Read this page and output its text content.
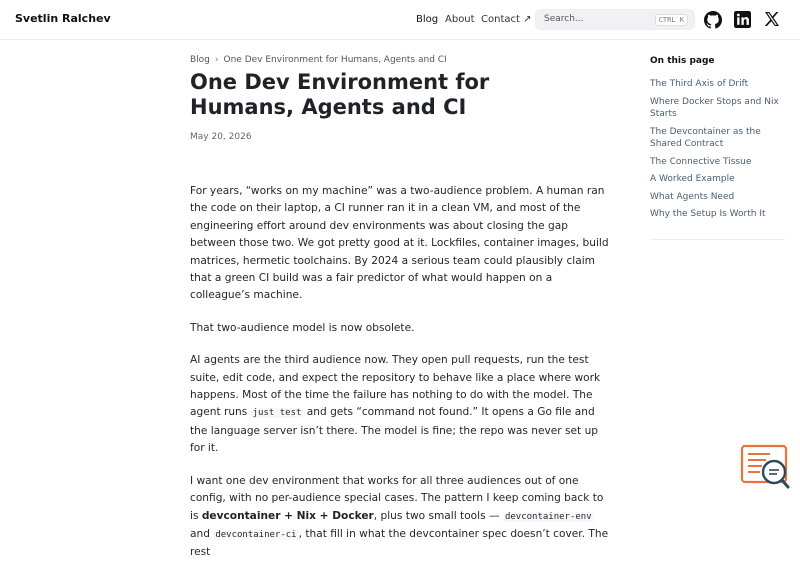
Svetlin Ralchev	Blog About Contact ↗ Search...	CTRL K
Blog › One Dev Environment for Humans, Agents and CI
One Dev Environment for Humans, Agents and CI
May 20, 2026

For years, “works on my machine” was a two-audience problem. A human ran the code on their laptop, a CI runner ran it in a clean VM, and most of the engineering effort around dev environments was about closing the gap between those two. We got pretty good at it. Lockfiles, container images, build matrices, hermetic toolchains. By 2024 a serious team could plausibly claim that a green CI build was a fair predictor of what would happen on a colleague’s machine.

That two-audience model is now obsolete.

AI agents are the third audience now. They open pull requests, run the test suite, edit code, and expect the repository to behave like a place where work happens. Most of the time the failure has nothing to do with the model. The agent runs just test and gets “command not found.” It opens a Go file and the language server isn’t there. The model is fine; the repo was never set up for it.

I want one dev environment that works for all three audiences out of one config, with no per-audience special cases. The pattern I keep coming back to is devcontainer + Nix + Docker, plus two small tools — devcontainer-env and devcontainer-ci , that fill in what the devcontainer spec doesn’t cover. The rest

On this page
The Third Axis of Drift
Where Docker Stops and Nix Starts
The Devcontainer as the Shared Contract
The Connective Tissue
A Worked Example
What Agents Need
Why the Setup Is Worth It
